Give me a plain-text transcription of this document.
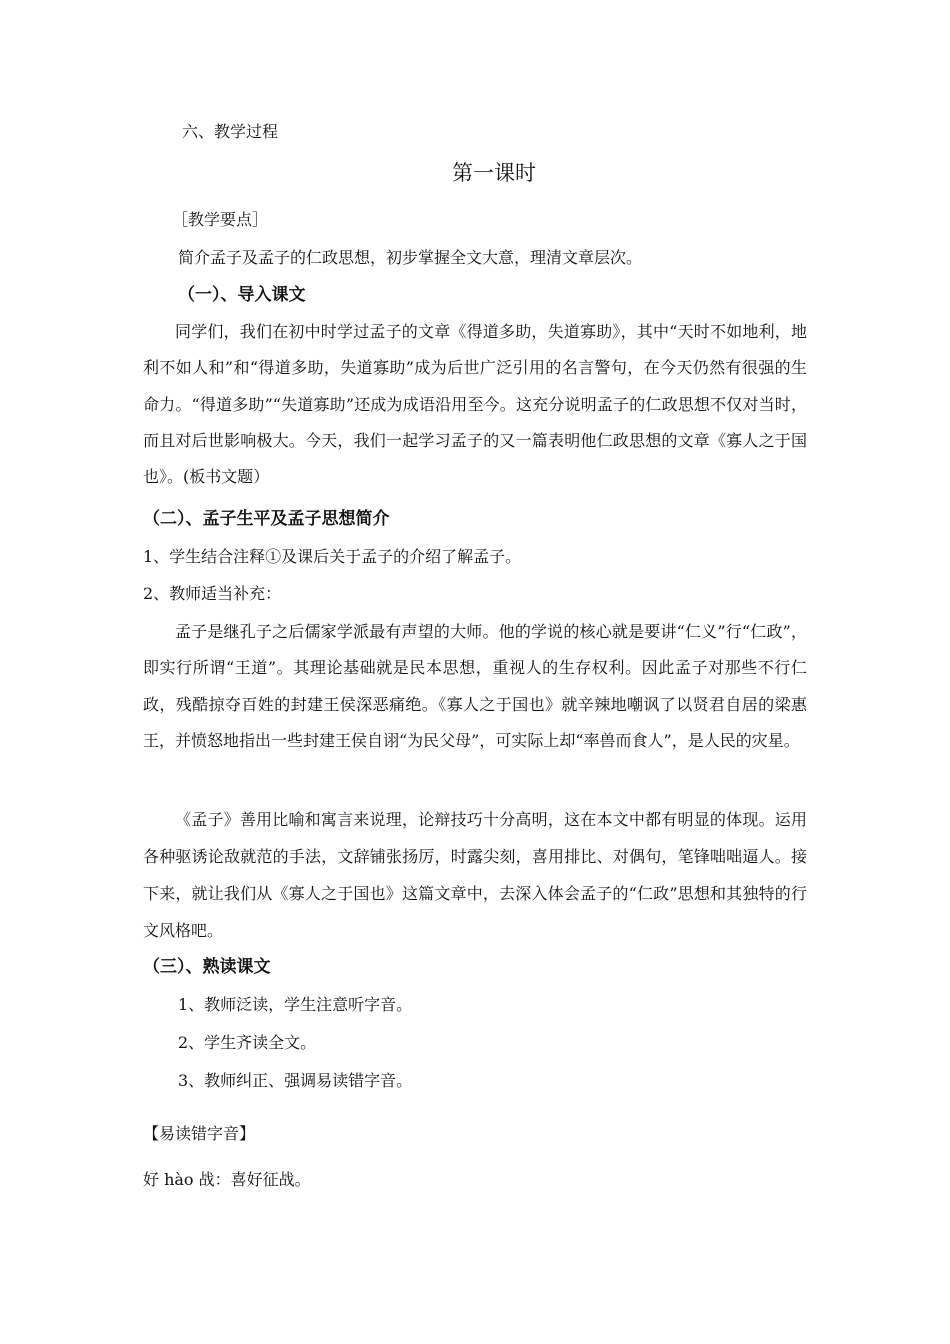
六、教学过程
第一课时
［教学要点］
简介孟子及孟子的仁政思想，初步掌握全文大意，理清文章层次。
（一）、导入课文
同学们，我们在初中时学过孟子的文章《得道多助，失道寡助》，其中“天时不如地利，地利不如人和”和“得道多助，失道寡助”成为后世广泛引用的名言警句，在今天仍然有很强的生命力。“得道多助”“失道寡助”还成为成语沿用至今。这充分说明孟子的仁政思想不仅对当时，而且对后世影响极大。今天，我们一起学习孟子的又一篇表明他仁政思想的文章《寡人之于国也》。(板书文题）
（二）、孟子生平及孟子思想简介
1、学生结合注释①及课后关于孟子的介绍了解孟子。
2、教师适当补充：
孟子是继孔子之后儒家学派最有声望的大师。他的学说的核心就是要讲“仁义”行“仁政”，即实行所谓“王道”。其理论基础就是民本思想，重视人的生存权利。因此孟子对那些不行仁政，残酷掠夺百姓的封建王侯深恶痛绝。《寡人之于国也》就辛辣地嘲讽了以贤君自居的梁惠王，并愤怒地指出一些封建王侯自诩“为民父母”，可实际上却“率兽而食人”，是人民的灾星。
《孟子》善用比喻和寓言来说理，论辩技巧十分高明，这在本文中都有明显的体现。运用各种驱诱论敌就范的手法，文辞铺张扬厉，时露尖刻，喜用排比、对偶句，笔锋咄咄逼人。接下来，就让我们从《寡人之于国也》这篇文章中，去深入体会孟子的“仁政”思想和其独特的行文风格吧。
（三）、熟读课文
1、教师泛读，学生注意听字音。
2、学生齐读全文。
3、教师纠正、强调易读错字音。
【易读错字音】
好 hào 战：喜好征战。
